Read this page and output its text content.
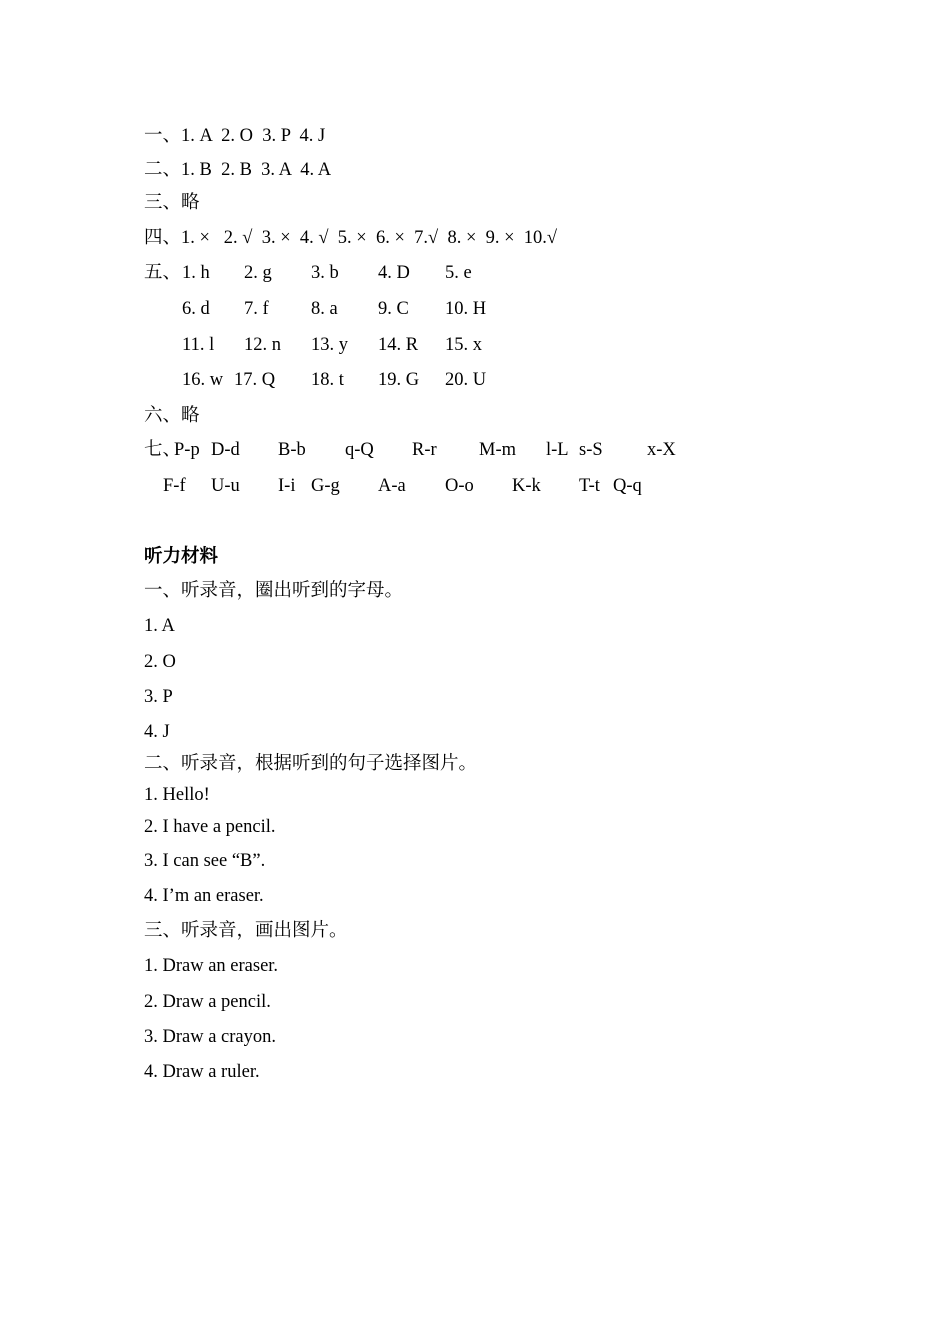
一、1. A  2. O  3. P  4. J
二、1. B  2. B  3. A  4. A
三、略
四、1. ×   2. √  3. ×  4. √  5. ×  6. ×  7.√  8. ×  9. ×  10.√
五、 1. h 2. g 3. b 4. D 5. e
6. d 7. f 8. a 9. C 10. H
11. l 12. n 13. y 14. R 15. x
16. w 17. Q 18. t 19. G 20. U
六、略
七、
P-p D-d B-b q-Q R-r M-m l-L s-S x-X
F-f U-u I-i G-g A-a O-o K-k T-t Q-q
听力材料
一、听录音，圈出听到的字母。
1. A
2. O
3. P
4. J
二、听录音，根据听到的句子选择图片。
1. Hello!
2. I have a pencil.
3. I can see “B”.
4. I’m an eraser.
三、听录音，画出图片。
1. Draw an eraser.
2. Draw a pencil.
3. Draw a crayon.
4. Draw a ruler.
